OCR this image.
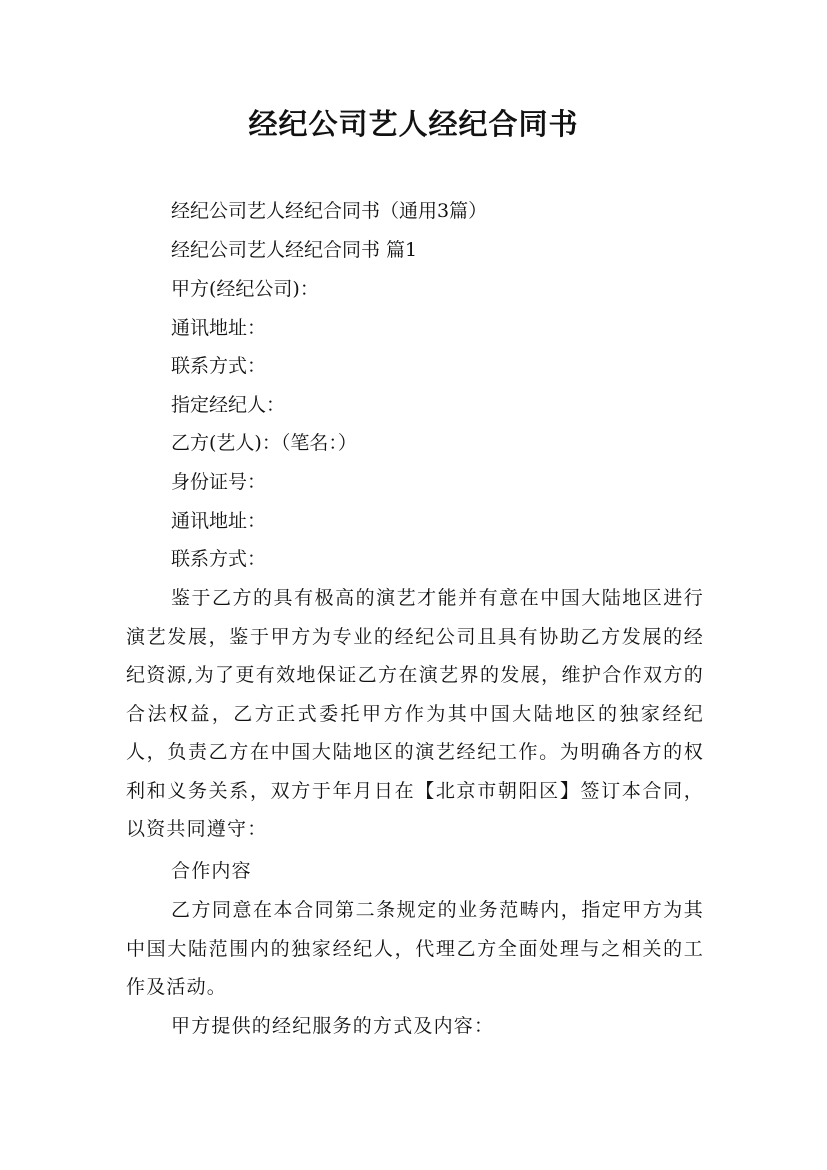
经纪公司艺人经纪合同书
经纪公司艺人经纪合同书（通用3篇）
经纪公司艺人经纪合同书 篇1
甲方(经纪公司)：
通讯地址：
联系方式：
指定经纪人：
乙方(艺人)：（笔名：）
身份证号：
通讯地址：
联系方式：
鉴于乙方的具有极高的演艺才能并有意在中国大陆地区进行演艺发展，鉴于甲方为专业的经纪公司且具有协助乙方发展的经纪资源,为了更有效地保证乙方在演艺界的发展，维护合作双方的合法权益，乙方正式委托甲方作为其中国大陆地区的独家经纪人，负责乙方在中国大陆地区的演艺经纪工作。为明确各方的权利和义务关系，双方于年月日在【北京市朝阳区】签订本合同，以资共同遵守：
合作内容
乙方同意在本合同第二条规定的业务范畴内，指定甲方为其中国大陆范围内的独家经纪人，代理乙方全面处理与之相关的工作及活动。
甲方提供的经纪服务的方式及内容：
